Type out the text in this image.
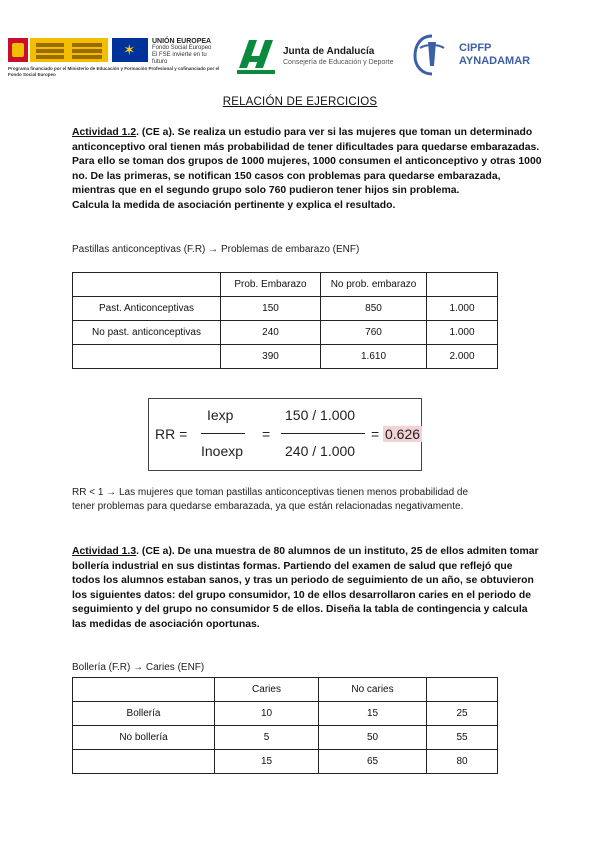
✶
UNIÓN EUROPEA
Fondo Social Europeo
El FSE invierte en tu futuro
Programa financiado por el Ministerio de Educación y Formación Profesional y cofinanciado por el Fondo Social Europeo
Junta de Andalucía
Consejería de Educación y Deporte
CIPFP
AYNADAMAR
RELACIÓN DE EJERCICIOS
Actividad 1.2. (CE a). Se realiza un estudio para ver si las mujeres que toman un determinado anticonceptivo oral tienen más probabilidad de tener dificultades para quedarse embarazadas. Para ello se toman dos grupos de 1000 mujeres, 1000 consumen el anticonceptivo y otras 1000 no. De las primeras, se notifican 150 casos con problemas para quedarse embarazada, mientras que en el segundo grupo solo 760 pudieron tener hijos sin problema.
Calcula la medida de asociación pertinente y explica el resultado.
Pastillas anticonceptivas (F.R) → Problemas de embarazo (ENF)
	Prob. Embarazo	No prob. embarazo	
Past. Anticonceptivas	150	850	1.000
No past. anticonceptivas	240	760	1.000
	390	1.610	2.000
RR =
Iexp
Inoexp
=
150 / 1.000
240 / 1.000
= 0.626
RR < 1 → Las mujeres que toman pastillas anticonceptivas tienen menos probabilidad de
tener problemas para quedarse embarazada, ya que están relacionadas negativamente.
Actividad 1.3. (CE a). De una muestra de 80 alumnos de un instituto, 25 de ellos admiten tomar bollería industrial en sus distintas formas. Partiendo del examen de salud que reflejó que todos los alumnos estaban sanos, y tras un periodo de seguimiento de un año, se obtuvieron los siguientes datos: del grupo consumidor, 10 de ellos desarrollaron caries en el periodo de seguimiento y del grupo no consumidor 5 de ellos. Diseña la tabla de contingencia y calcula las medidas de asociación oportunas.
Bollería (F.R) → Caries (ENF)
	Caries	No caries	
Bollería	10	15	25
No bollería	5	50	55
	15	65	80
